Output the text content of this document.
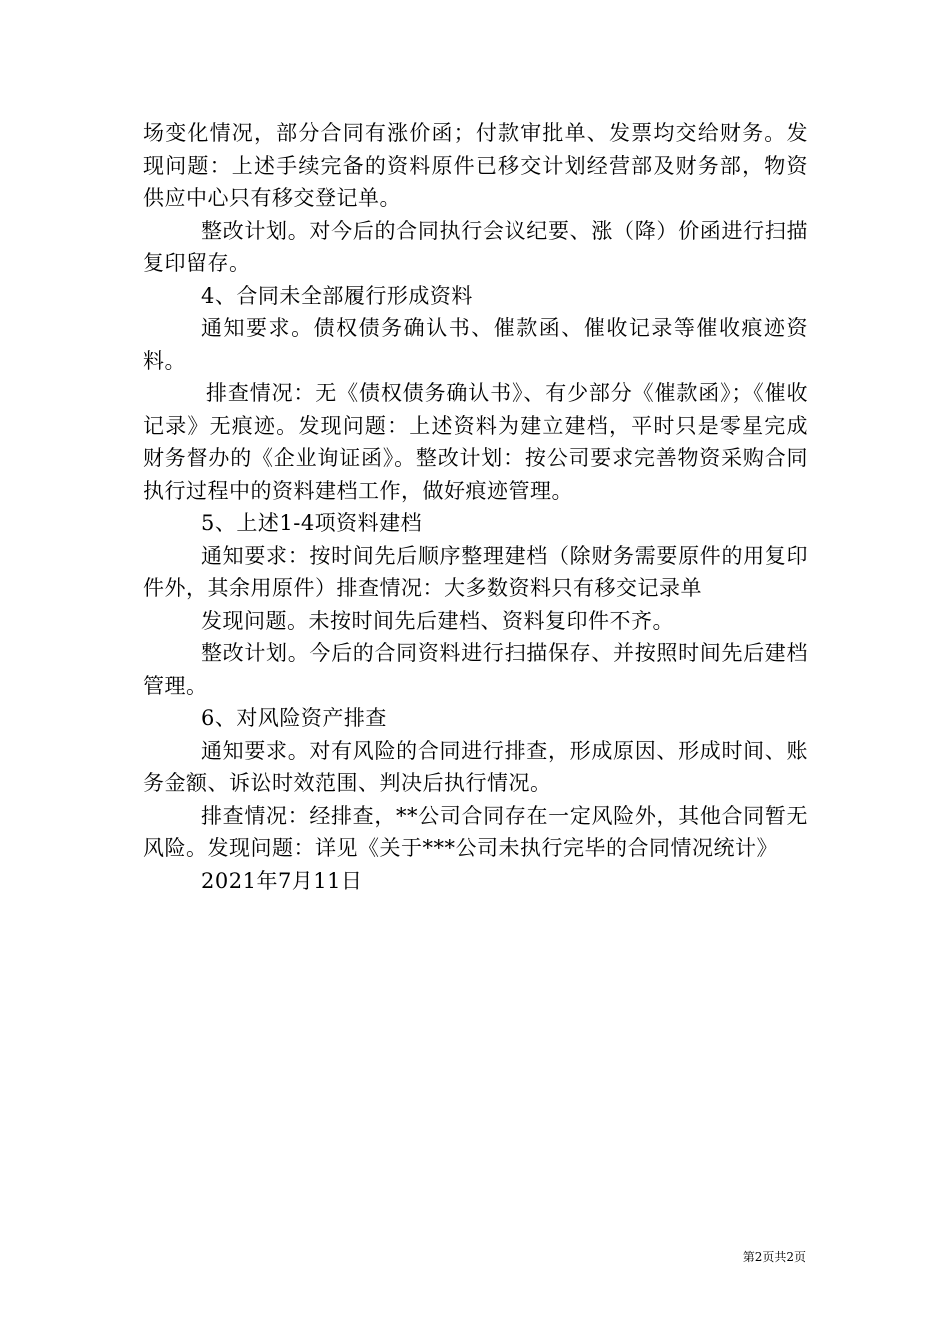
场变化情况，部分合同有涨价函；付款审批单、发票均交给财务。发现问题：上述手续完备的资料原件已移交计划经营部及财务部，物资供应中心只有移交登记单。

整改计划。对今后的合同执行会议纪要、涨（降）价函进行扫描复印留存。

4、合同未全部履行形成资料

通知要求。债权债务确认书、催款函、催收记录等催收痕迹资料。

排查情况：无《债权债务确认书》、有少部分《催款函》；《催收记录》无痕迹。发现问题：上述资料为建立建档，平时只是零星完成财务督办的《企业询证函》。整改计划：按公司要求完善物资采购合同执行过程中的资料建档工作，做好痕迹管理。

5、上述1-4项资料建档

通知要求：按时间先后顺序整理建档（除财务需要原件的用复印件外，其余用原件）排查情况：大多数资料只有移交记录单

发现问题。未按时间先后建档、资料复印件不齐。

整改计划。今后的合同资料进行扫描保存、并按照时间先后建档管理。

6、对风险资产排查

通知要求。对有风险的合同进行排查，形成原因、形成时间、账务金额、诉讼时效范围、判决后执行情况。

排查情况：经排查，**公司合同存在一定风险外，其他合同暂无风险。发现问题：详见《关于***公司未执行完毕的合同情况统计》

2021年7月11日

第2页共2页
